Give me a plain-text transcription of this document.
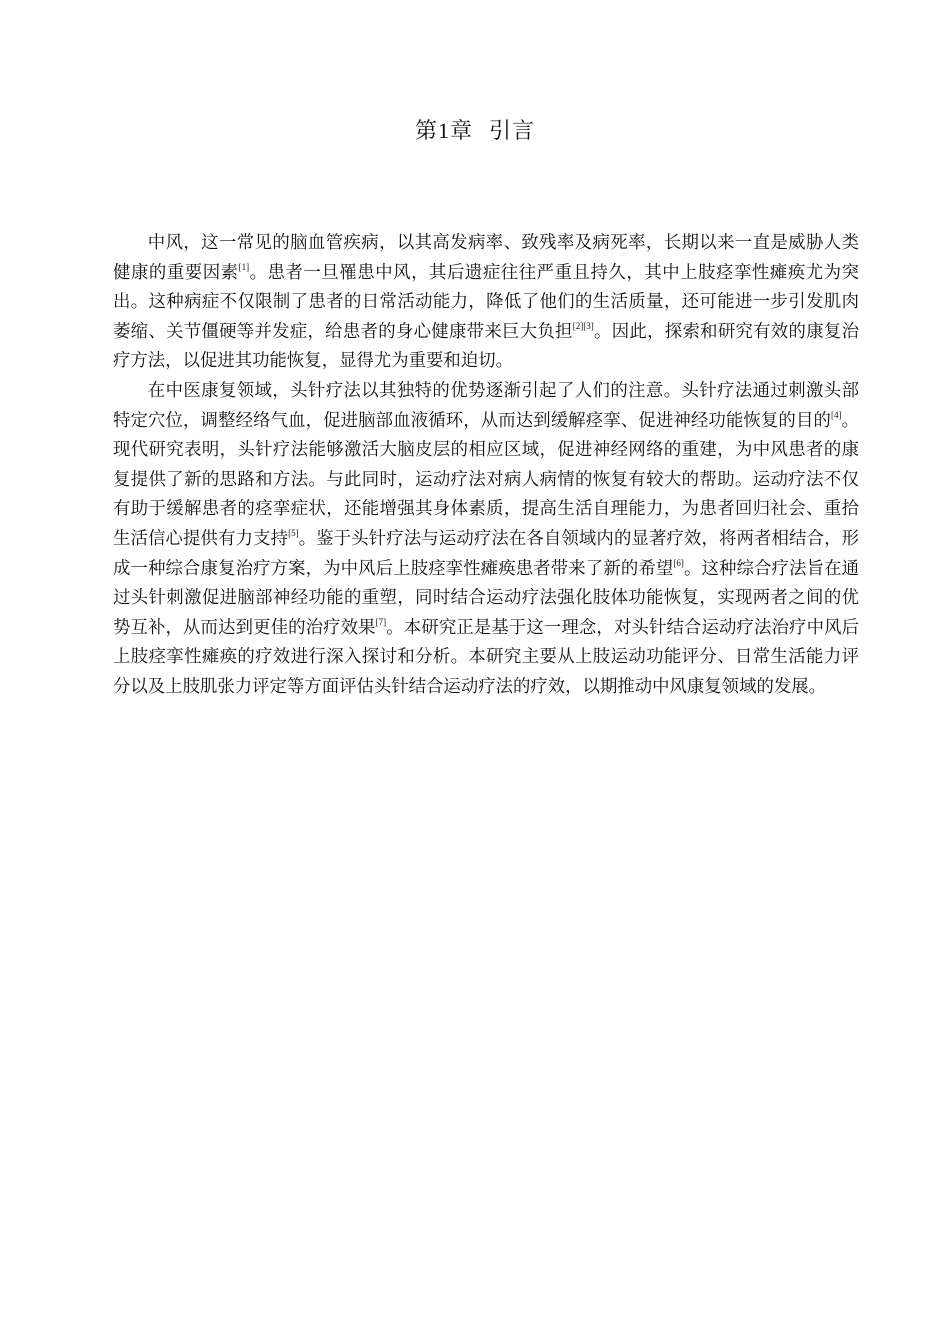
第1章 引言

中风，这一常见的脑血管疾病，以其高发病率、致残率及病死率，长期以来一直是威胁人类健康的重要因素[1]。患者一旦罹患中风，其后遗症往往严重且持久，其中上肢痉挛性瘫痪尤为突出。这种病症不仅限制了患者的日常活动能力，降低了他们的生活质量，还可能进一步引发肌肉萎缩、关节僵硬等并发症，给患者的身心健康带来巨大负担[2][3]。因此，探索和研究有效的康复治疗方法，以促进其功能恢复，显得尤为重要和迫切。

在中医康复领域，头针疗法以其独特的优势逐渐引起了人们的注意。头针疗法通过刺激头部特定穴位，调整经络气血，促进脑部血液循环，从而达到缓解痉挛、促进神经功能恢复的目的[4]。现代研究表明，头针疗法能够激活大脑皮层的相应区域，促进神经网络的重建，为中风患者的康复提供了新的思路和方法。与此同时，运动疗法对病人病情的恢复有较大的帮助。运动疗法不仅有助于缓解患者的痉挛症状，还能增强其身体素质，提高生活自理能力，为患者回归社会、重拾生活信心提供有力支持[5]。鉴于头针疗法与运动疗法在各自领域内的显著疗效，将两者相结合，形成一种综合康复治疗方案，为中风后上肢痉挛性瘫痪患者带来了新的希望[6]。这种综合疗法旨在通过头针刺激促进脑部神经功能的重塑，同时结合运动疗法强化肢体功能恢复，实现两者之间的优势互补，从而达到更佳的治疗效果[7]。本研究正是基于这一理念，对头针结合运动疗法治疗中风后上肢痉挛性瘫痪的疗效进行深入探讨和分析。本研究主要从上肢运动功能评分、日常生活能力评分以及上肢肌张力评定等方面评估头针结合运动疗法的疗效，以期推动中风康复领域的发展。
